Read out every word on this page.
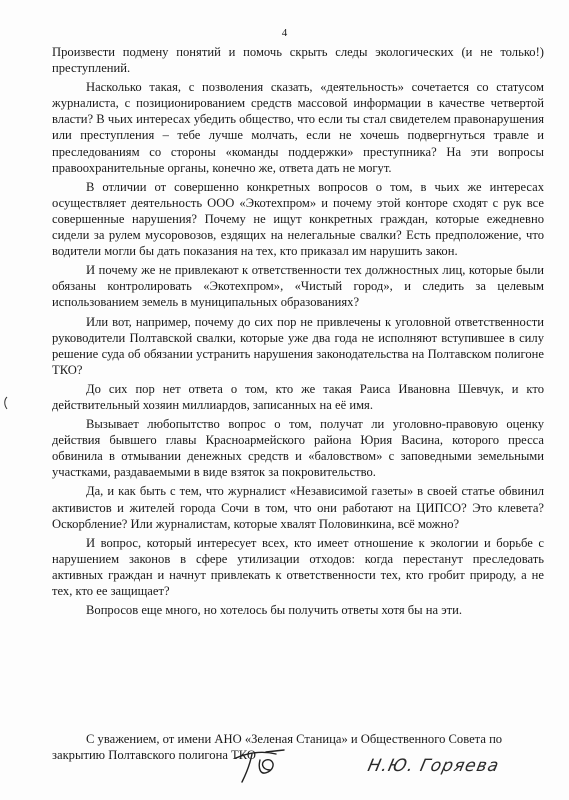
4

Произвести подмену понятий и помочь скрыть следы экологических (и не только!) преступлений.

Насколько такая, с позволения сказать, «деятельность» сочетается со статусом журналиста, с позиционированием средств массовой информации в качестве четвертой власти? В чьих интересах убедить общество, что если ты стал свидетелем правонарушения или преступления – тебе лучше молчать, если не хочешь подвергнуться травле и преследованиям со стороны «команды поддержки» преступника? На эти вопросы правоохранительные органы, конечно же, ответа дать не могут.

В отличии от совершенно конкретных вопросов о том, в чьих же интересах осуществляет деятельность ООО «Экотехпром» и почему этой конторе сходят с рук все совершенные нарушения? Почему не ищут конкретных граждан, которые ежедневно сидели за рулем мусоровозов, ездящих на нелегальные свалки? Есть предположение, что водители могли бы дать показания на тех, кто приказал им нарушить закон.

И почему же не привлекают к ответственности тех должностных лиц, которые были обязаны контролировать «Экотехпром», «Чистый город», и следить за целевым использованием земель в муниципальных образованиях?

Или вот, например, почему до сих пор не привлечены к уголовной ответственности руководители Полтавской свалки, которые уже два года не исполняют вступившее в силу решение суда об обязании устранить нарушения законодательства на Полтавском полигоне ТКО?

До сих пор нет ответа о том, кто же такая Раиса Ивановна Шевчук, и кто действительный хозяин миллиардов, записанных на её имя.

Вызывает любопытство вопрос о том, получат ли уголовно-правовую оценку действия бывшего главы Красноармейского района Юрия Васина, которого пресса обвинила в отмывании денежных средств и «баловством» с заповедными земельными участками, раздаваемыми в виде взяток за покровительство.

Да, и как быть с тем, что журналист «Независимой газеты» в своей статье обвинил активистов и жителей города Сочи в том, что они работают на ЦИПСО? Это клевета? Оскорбление? Или журналистам, которые хвалят Половинкина, всё можно?

И вопрос, который интересует всех, кто имеет отношение к экологии и борьбе с нарушением законов в сфере утилизации отходов: когда перестанут преследовать активных граждан и начнут привлекать к ответственности тех, кто гробит природу, а не тех, кто ее защищает?

Вопросов еще много, но хотелось бы получить ответы хотя бы на эти.

С уважением, от имени АНО «Зеленая Станица» и Общественного Совета по
закрытию Полтавского полигона ТКО
Н.Ю. Горяева
